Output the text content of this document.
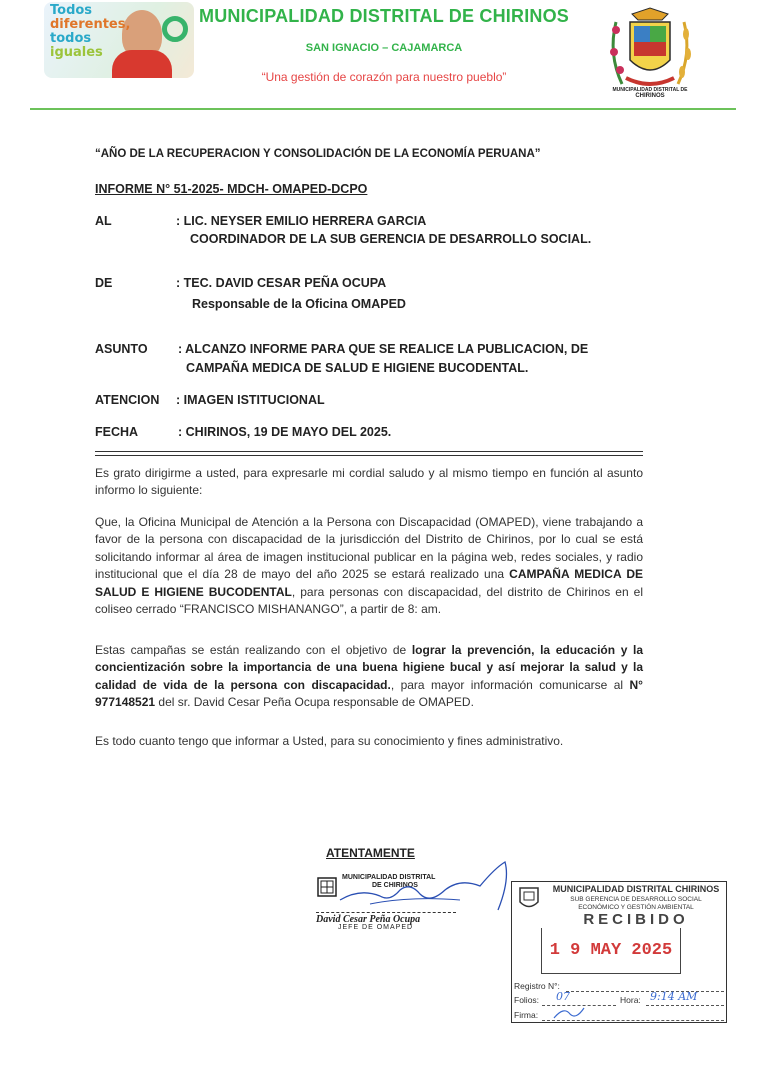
Todos
diferentes,
todos
iguales
MUNICIPALIDAD DISTRITAL DE CHIRINOS
SAN IGNACIO – CAJAMARCA
“Una gestión de corazón para nuestro pueblo”
MUNICIPALIDAD DISTRITAL DE
CHIRINOS
“AÑO DE LA RECUPERACION Y CONSOLIDACIÓN DE LA ECONOMÍA PERUANA”
INFORME N° 51-2025- MDCH- OMAPED-DCPO
AL	: LIC. NEYSER EMILIO HERRERA GARCIA
COORDINADOR DE LA SUB GERENCIA DE DESARROLLO SOCIAL.
DE	: TEC. DAVID CESAR PEÑA OCUPA
Responsable de la Oficina OMAPED
ASUNTO : ALCANZO INFORME PARA QUE SE REALICE LA PUBLICACION, DE
CAMPAÑA MEDICA DE SALUD E HIGIENE BUCODENTAL.
ATENCION : IMAGEN ISTITUCIONAL
FECHA	: CHIRINOS, 19 DE MAYO DEL 2025.
Es grato dirigirme a usted, para expresarle mi cordial saludo y al mismo tiempo en función al asunto informo lo siguiente:
Que, la Oficina Municipal de Atención a la Persona con Discapacidad (OMAPED), viene trabajando a favor de la persona con discapacidad de la jurisdicción del Distrito de Chirinos, por lo cual se está solicitando informar al área de imagen institucional publicar en la página web, redes sociales, y radio institucional que el día 28 de mayo del año 2025 se estará realizado una CAMPAÑA MEDICA DE SALUD E HIGIENE BUCODENTAL, para personas con discapacidad, del distrito de Chirinos en el coliseo cerrado “FRANCISCO MISHANANGO”, a partir de 8: am.
Estas campañas se están realizando con el objetivo de lograr la prevención, la educación y la concientización sobre la importancia de una buena higiene bucal y así mejorar la salud y la calidad de vida de la persona con discapacidad., para mayor información comunicarse al N° 977148521 del sr. David Cesar Peña Ocupa responsable de OMAPED.
Es todo cuanto tengo que informar a Usted, para su conocimiento y fines administrativo.
ATENTAMENTE
MUNICIPALIDAD DISTRITAL
DE CHIRINOS
David Cesar Peña Ocupa
JEFE DE OMAPED
MUNICIPALIDAD DISTRITAL CHIRINOS
SUB GERENCIA DE DESARROLLO SOCIAL
ECONÓMICO Y GESTIÓN AMBIENTAL
RECIBIDO
1 9 MAY 2025
Registro N°:
Folios: 07	Hora: 9:14 AM
Firma:
